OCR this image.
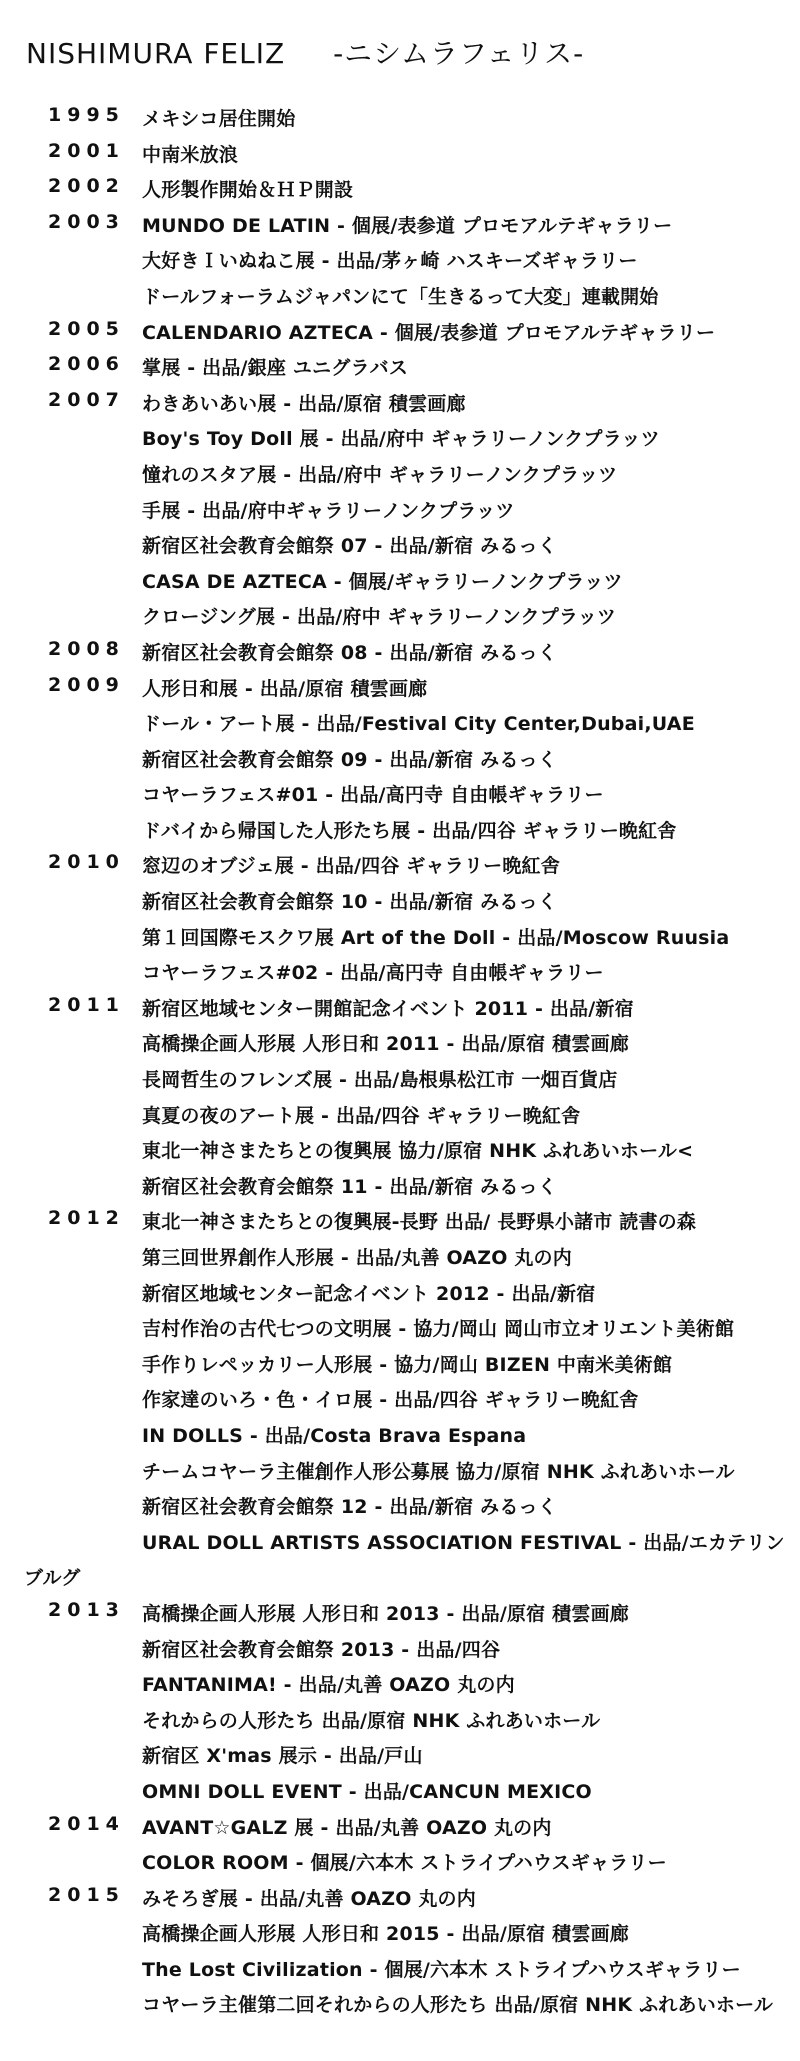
NISHIMURA FELIZ -ニシムラフェリス-
1995 メキシコ居住開始
2001 中南米放浪
2002 人形製作開始＆ＨＰ開設
2003 MUNDO DE LATIN - 個展/表参道 プロモアルテギャラリー
大好きＩいぬねこ展 - 出品/茅ヶ崎 ハスキーズギャラリー
ドールフォーラムジャパンにて「生きるって大変」連載開始
2005 CALENDARIO AZTECA - 個展/表参道 プロモアルテギャラリー
2006 掌展 - 出品/銀座 ユニグラバス
2007 わきあいあい展 - 出品/原宿 積雲画廊
Boy's Toy Doll 展 - 出品/府中 ギャラリーノンクプラッツ
憧れのスタア展 - 出品/府中 ギャラリーノンクプラッツ
手展 - 出品/府中ギャラリーノンクプラッツ
新宿区社会教育会館祭 07 - 出品/新宿 みるっく
CASA DE AZTECA - 個展/ギャラリーノンクプラッツ
クロージング展 - 出品/府中 ギャラリーノンクプラッツ
2008 新宿区社会教育会館祭 08 - 出品/新宿 みるっく
2009 人形日和展 - 出品/原宿 積雲画廊
ドール・アート展 - 出品/Festival City Center,Dubai,UAE
新宿区社会教育会館祭 09 - 出品/新宿 みるっく
コヤーラフェス#01 - 出品/高円寺 自由帳ギャラリー
ドバイから帰国した人形たち展 - 出品/四谷 ギャラリー晩紅舎
2010 窓辺のオブジェ展 - 出品/四谷 ギャラリー晩紅舎
新宿区社会教育会館祭 10 - 出品/新宿 みるっく
第１回国際モスクワ展 Art of the Doll - 出品/Moscow Ruusia
コヤーラフェス#02 - 出品/高円寺 自由帳ギャラリー
2011 新宿区地域センター開館記念イベント 2011 - 出品/新宿
高橋操企画人形展 人形日和 2011 - 出品/原宿 積雲画廊
長岡哲生のフレンズ展 - 出品/島根県松江市 一畑百貨店
真夏の夜のアート展 - 出品/四谷 ギャラリー晩紅舎
東北一神さまたちとの復興展 協力/原宿 NHK ふれあいホール<
新宿区社会教育会館祭 11 - 出品/新宿 みるっく
2012 東北一神さまたちとの復興展-長野 出品/ 長野県小諸市 読書の森
第三回世界創作人形展 - 出品/丸善 OAZO 丸の内
新宿区地域センター記念イベント 2012 - 出品/新宿
吉村作治の古代七つの文明展 - 協力/岡山 岡山市立オリエント美術館
手作りレペッカリー人形展 - 協力/岡山 BIZEN 中南米美術館
作家達のいろ・色・イロ展 - 出品/四谷 ギャラリー晩紅舎
IN DOLLS - 出品/Costa Brava Espana
チームコヤーラ主催創作人形公募展 協力/原宿 NHK ふれあいホール
新宿区社会教育会館祭 12 - 出品/新宿 みるっく
URAL DOLL ARTISTS ASSOCIATION FESTIVAL - 出品/エカテリン
ブルグ
2013 高橋操企画人形展 人形日和 2013 - 出品/原宿 積雲画廊
新宿区社会教育会館祭 2013 - 出品/四谷
FANTANIMA! - 出品/丸善 OAZO 丸の内
それからの人形たち 出品/原宿 NHK ふれあいホール
新宿区 X'mas 展示 - 出品/戸山
OMNI DOLL EVENT - 出品/CANCUN MEXICO
2014 AVANT☆GALZ 展 - 出品/丸善 OAZO 丸の内
COLOR ROOM - 個展/六本木 ストライプハウスギャラリー
2015 みそろぎ展 - 出品/丸善 OAZO 丸の内
高橋操企画人形展 人形日和 2015 - 出品/原宿 積雲画廊
The Lost Civilization - 個展/六本木 ストライプハウスギャラリー
コヤーラ主催第二回それからの人形たち 出品/原宿 NHK ふれあいホール
